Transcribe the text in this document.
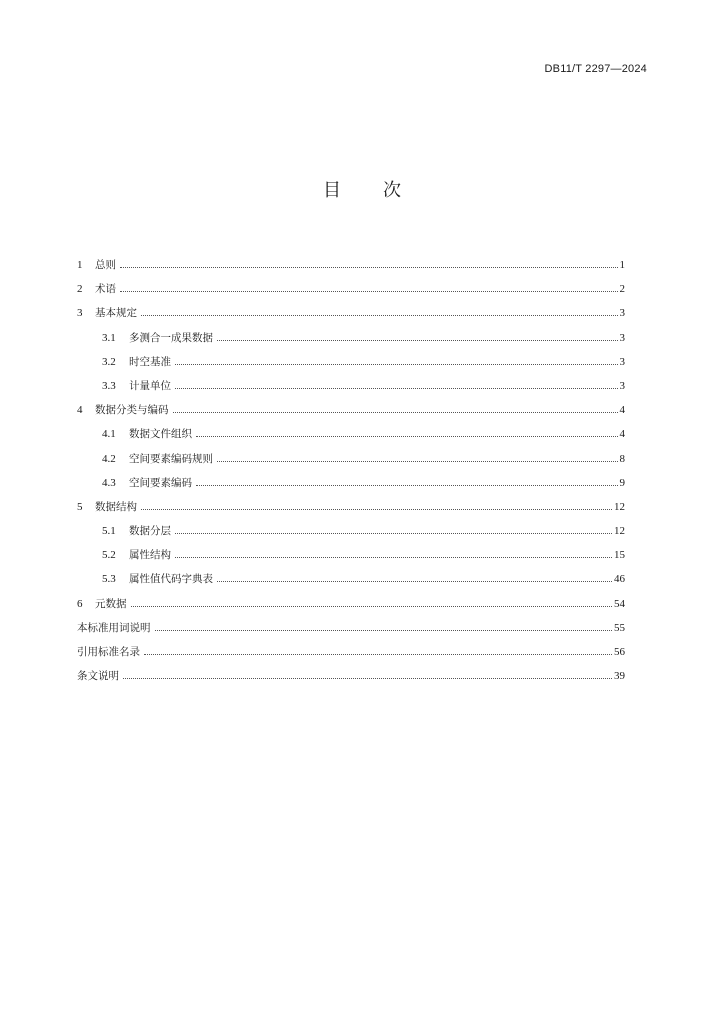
DB11/T 2297—2024
目 次
1	总则	1
2	术语	2
3	基本规定	3
3.1	多测合一成果数据	3
3.2	时空基准	3
3.3	计量单位	3
4	数据分类与编码	4
4.1	数据文件组织	4
4.2	空间要素编码规则	8
4.3	空间要素编码	9
5	数据结构	12
5.1	数据分层	12
5.2	属性结构	15
5.3	属性值代码字典表	46
6	元数据	54
本标准用词说明	55
引用标准名录	56
条文说明	39
